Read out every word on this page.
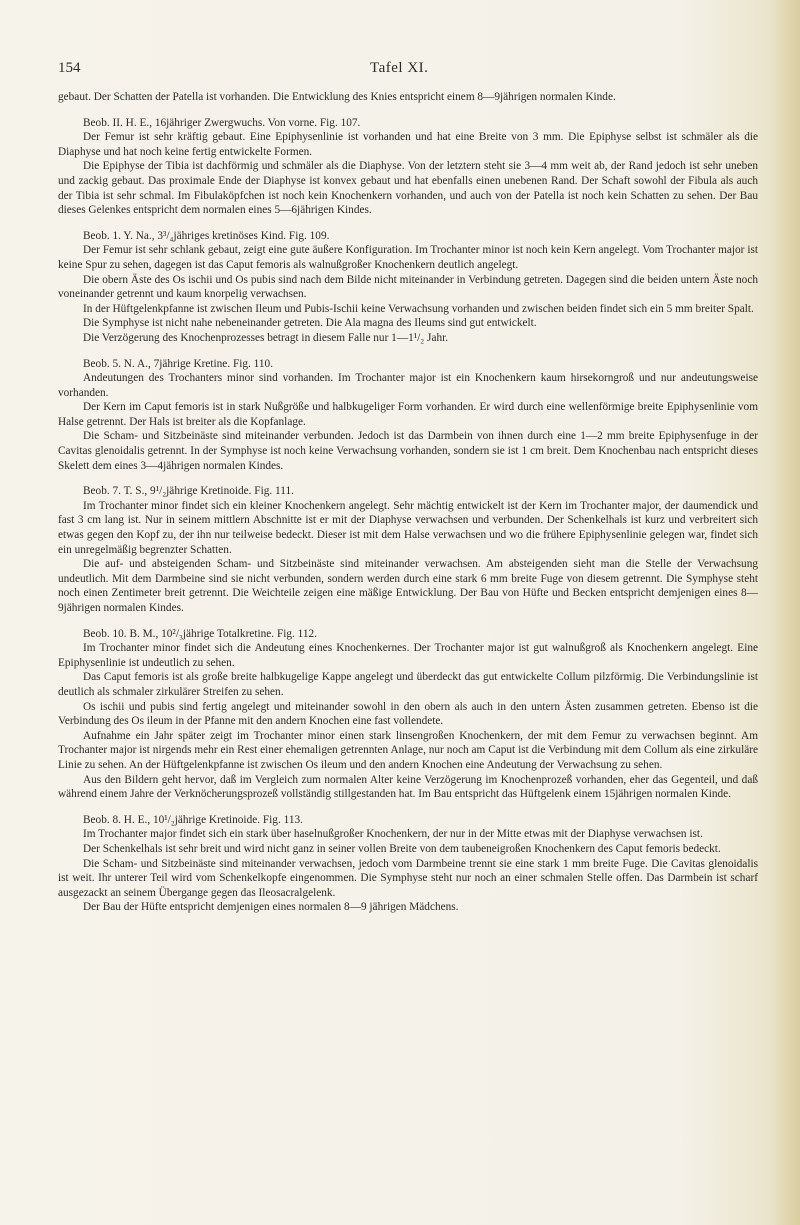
154	Tafel XI.

gebaut. Der Schatten der Patella ist vorhanden. Die Entwicklung des Knies entspricht einem 8—9jährigen normalen Kinde.

Beob. II. H. E., 16jähriger Zwergwuchs. Von vorne. Fig. 107.

Der Femur ist sehr kräftig gebaut. Eine Epiphysenlinie ist vorhanden und hat eine Breite von 3 mm. Die Epiphyse selbst ist schmäler als die Diaphyse und hat noch keine fertig entwickelte Formen.

Die Epiphyse der Tibia ist dachförmig und schmäler als die Diaphyse. Von der letztern steht sie 3—4 mm weit ab, der Rand jedoch ist sehr uneben und zackig gebaut. Das proximale Ende der Diaphyse ist konvex gebaut und hat ebenfalls einen unebenen Rand. Der Schaft sowohl der Fibula als auch der Tibia ist sehr schmal. Im Fibulaköpfchen ist noch kein Knochenkern vorhanden, und auch von der Patella ist noch kein Schatten zu sehen. Der Bau dieses Gelenkes entspricht dem normalen eines 5—6jährigen Kindes.

Beob. 1. Y. Na., 3³/₄jähriges kretinöses Kind. Fig. 109.

Der Femur ist sehr schlank gebaut, zeigt eine gute äußere Konfiguration. Im Trochanter minor ist noch kein Kern angelegt. Vom Trochanter major ist keine Spur zu sehen, dagegen ist das Caput femoris als walnußgroßer Knochenkern deutlich angelegt.

Die obern Äste des Os ischii und Os pubis sind nach dem Bilde nicht miteinander in Verbindung getreten. Dagegen sind die beiden untern Äste noch voneinander getrennt und kaum knorpelig verwachsen.

In der Hüftgelenkpfanne ist zwischen Ileum und Pubis-Ischii keine Verwachsung vorhanden und zwischen beiden findet sich ein 5 mm breiter Spalt.

Die Symphyse ist nicht nahe nebeneinander getreten. Die Ala magna des Ileums sind gut entwickelt.

Die Verzögerung des Knochenprozesses betragt in diesem Falle nur 1—1¹/₂ Jahr.

Beob. 5. N. A., 7jährige Kretine. Fig. 110.

Andeutungen des Trochanters minor sind vorhanden. Im Trochanter major ist ein Knochenkern kaum hirsekorngroß und nur andeutungsweise vorhanden.

Der Kern im Caput femoris ist in stark Nußgröße und halbkugeliger Form vorhanden. Er wird durch eine wellenförmige breite Epiphysenlinie vom Halse getrennt. Der Hals ist breiter als die Kopfanlage.

Die Scham- und Sitzbeinäste sind miteinander verbunden. Jedoch ist das Darmbein von ihnen durch eine 1—2 mm breite Epiphysenfuge in der Cavitas glenoidalis getrennt. In der Symphyse ist noch keine Verwachsung vorhanden, sondern sie ist 1 cm breit. Dem Knochenbau nach entspricht dieses Skelett dem eines 3—4jährigen normalen Kindes.

Beob. 7. T. S., 9¹/₂jährige Kretinoide. Fig. 111.

Im Trochanter minor findet sich ein kleiner Knochenkern angelegt. Sehr mächtig entwickelt ist der Kern im Trochanter major, der daumendick und fast 3 cm lang ist. Nur in seinem mittlern Abschnitte ist er mit der Diaphyse verwachsen und verbunden. Der Schenkelhals ist kurz und verbreitert sich etwas gegen den Kopf zu, der ihn nur teilweise bedeckt. Dieser ist mit dem Halse verwachsen und wo die frühere Epiphysenlinie gelegen war, findet sich ein unregelmäßig begrenzter Schatten.

Die auf- und absteigenden Scham- und Sitzbeinäste sind miteinander verwachsen. Am absteigenden sieht man die Stelle der Verwachsung undeutlich. Mit dem Darmbeine sind sie nicht verbunden, sondern werden durch eine stark 6 mm breite Fuge von diesem getrennt. Die Symphyse steht noch einen Zentimeter breit getrennt. Die Weichteile zeigen eine mäßige Entwicklung. Der Bau von Hüfte und Becken entspricht demjenigen eines 8—9jährigen normalen Kindes.

Beob. 10. B. M., 10²/₃jährige Totalkretine. Fig. 112.

Im Trochanter minor findet sich die Andeutung eines Knochenkernes. Der Trochanter major ist gut walnußgroß als Knochenkern angelegt. Eine Epiphysenlinie ist undeutlich zu sehen.

Das Caput femoris ist als große breite halbkugelige Kappe angelegt und überdeckt das gut entwickelte Collum pilzförmig. Die Verbindungslinie ist deutlich als schmaler zirkulärer Streifen zu sehen.

Os ischii und pubis sind fertig angelegt und miteinander sowohl in den obern als auch in den untern Ästen zusammen getreten. Ebenso ist die Verbindung des Os ileum in der Pfanne mit den andern Knochen eine fast vollendete.

Aufnahme ein Jahr später zeigt im Trochanter minor einen stark linsengroßen Knochenkern, der mit dem Femur zu verwachsen beginnt. Am Trochanter major ist nirgends mehr ein Rest einer ehemaligen getrennten Anlage, nur noch am Caput ist die Verbindung mit dem Collum als eine zirkuläre Linie zu sehen. An der Hüftgelenkpfanne ist zwischen Os ileum und den andern Knochen eine Andeutung der Verwachsung zu sehen.

Aus den Bildern geht hervor, daß im Vergleich zum normalen Alter keine Verzögerung im Knochenprozeß vorhanden, eher das Gegenteil, und daß während einem Jahre der Verknöcherungsprozeß vollständig stillgestanden hat. Im Bau entspricht das Hüftgelenk einem 15jährigen normalen Kinde.

Beob. 8. H. E., 10¹/₂jährige Kretinoide. Fig. 113.

Im Trochanter major findet sich ein stark über haselnußgroßer Knochenkern, der nur in der Mitte etwas mit der Diaphyse verwachsen ist.

Der Schenkelhals ist sehr breit und wird nicht ganz in seiner vollen Breite von dem taubeneigroßen Knochenkern des Caput femoris bedeckt.

Die Scham- und Sitzbeinäste sind miteinander verwachsen, jedoch vom Darmbeine trennt sie eine stark 1 mm breite Fuge. Die Cavitas glenoidalis ist weit. Ihr unterer Teil wird vom Schenkelkopfe eingenommen. Die Symphyse steht nur noch an einer schmalen Stelle offen. Das Darmbein ist scharf ausgezackt an seinem Übergange gegen das Ileosacralgelenk.

Der Bau der Hüfte entspricht demjenigen eines normalen 8—9 jährigen Mädchens.
